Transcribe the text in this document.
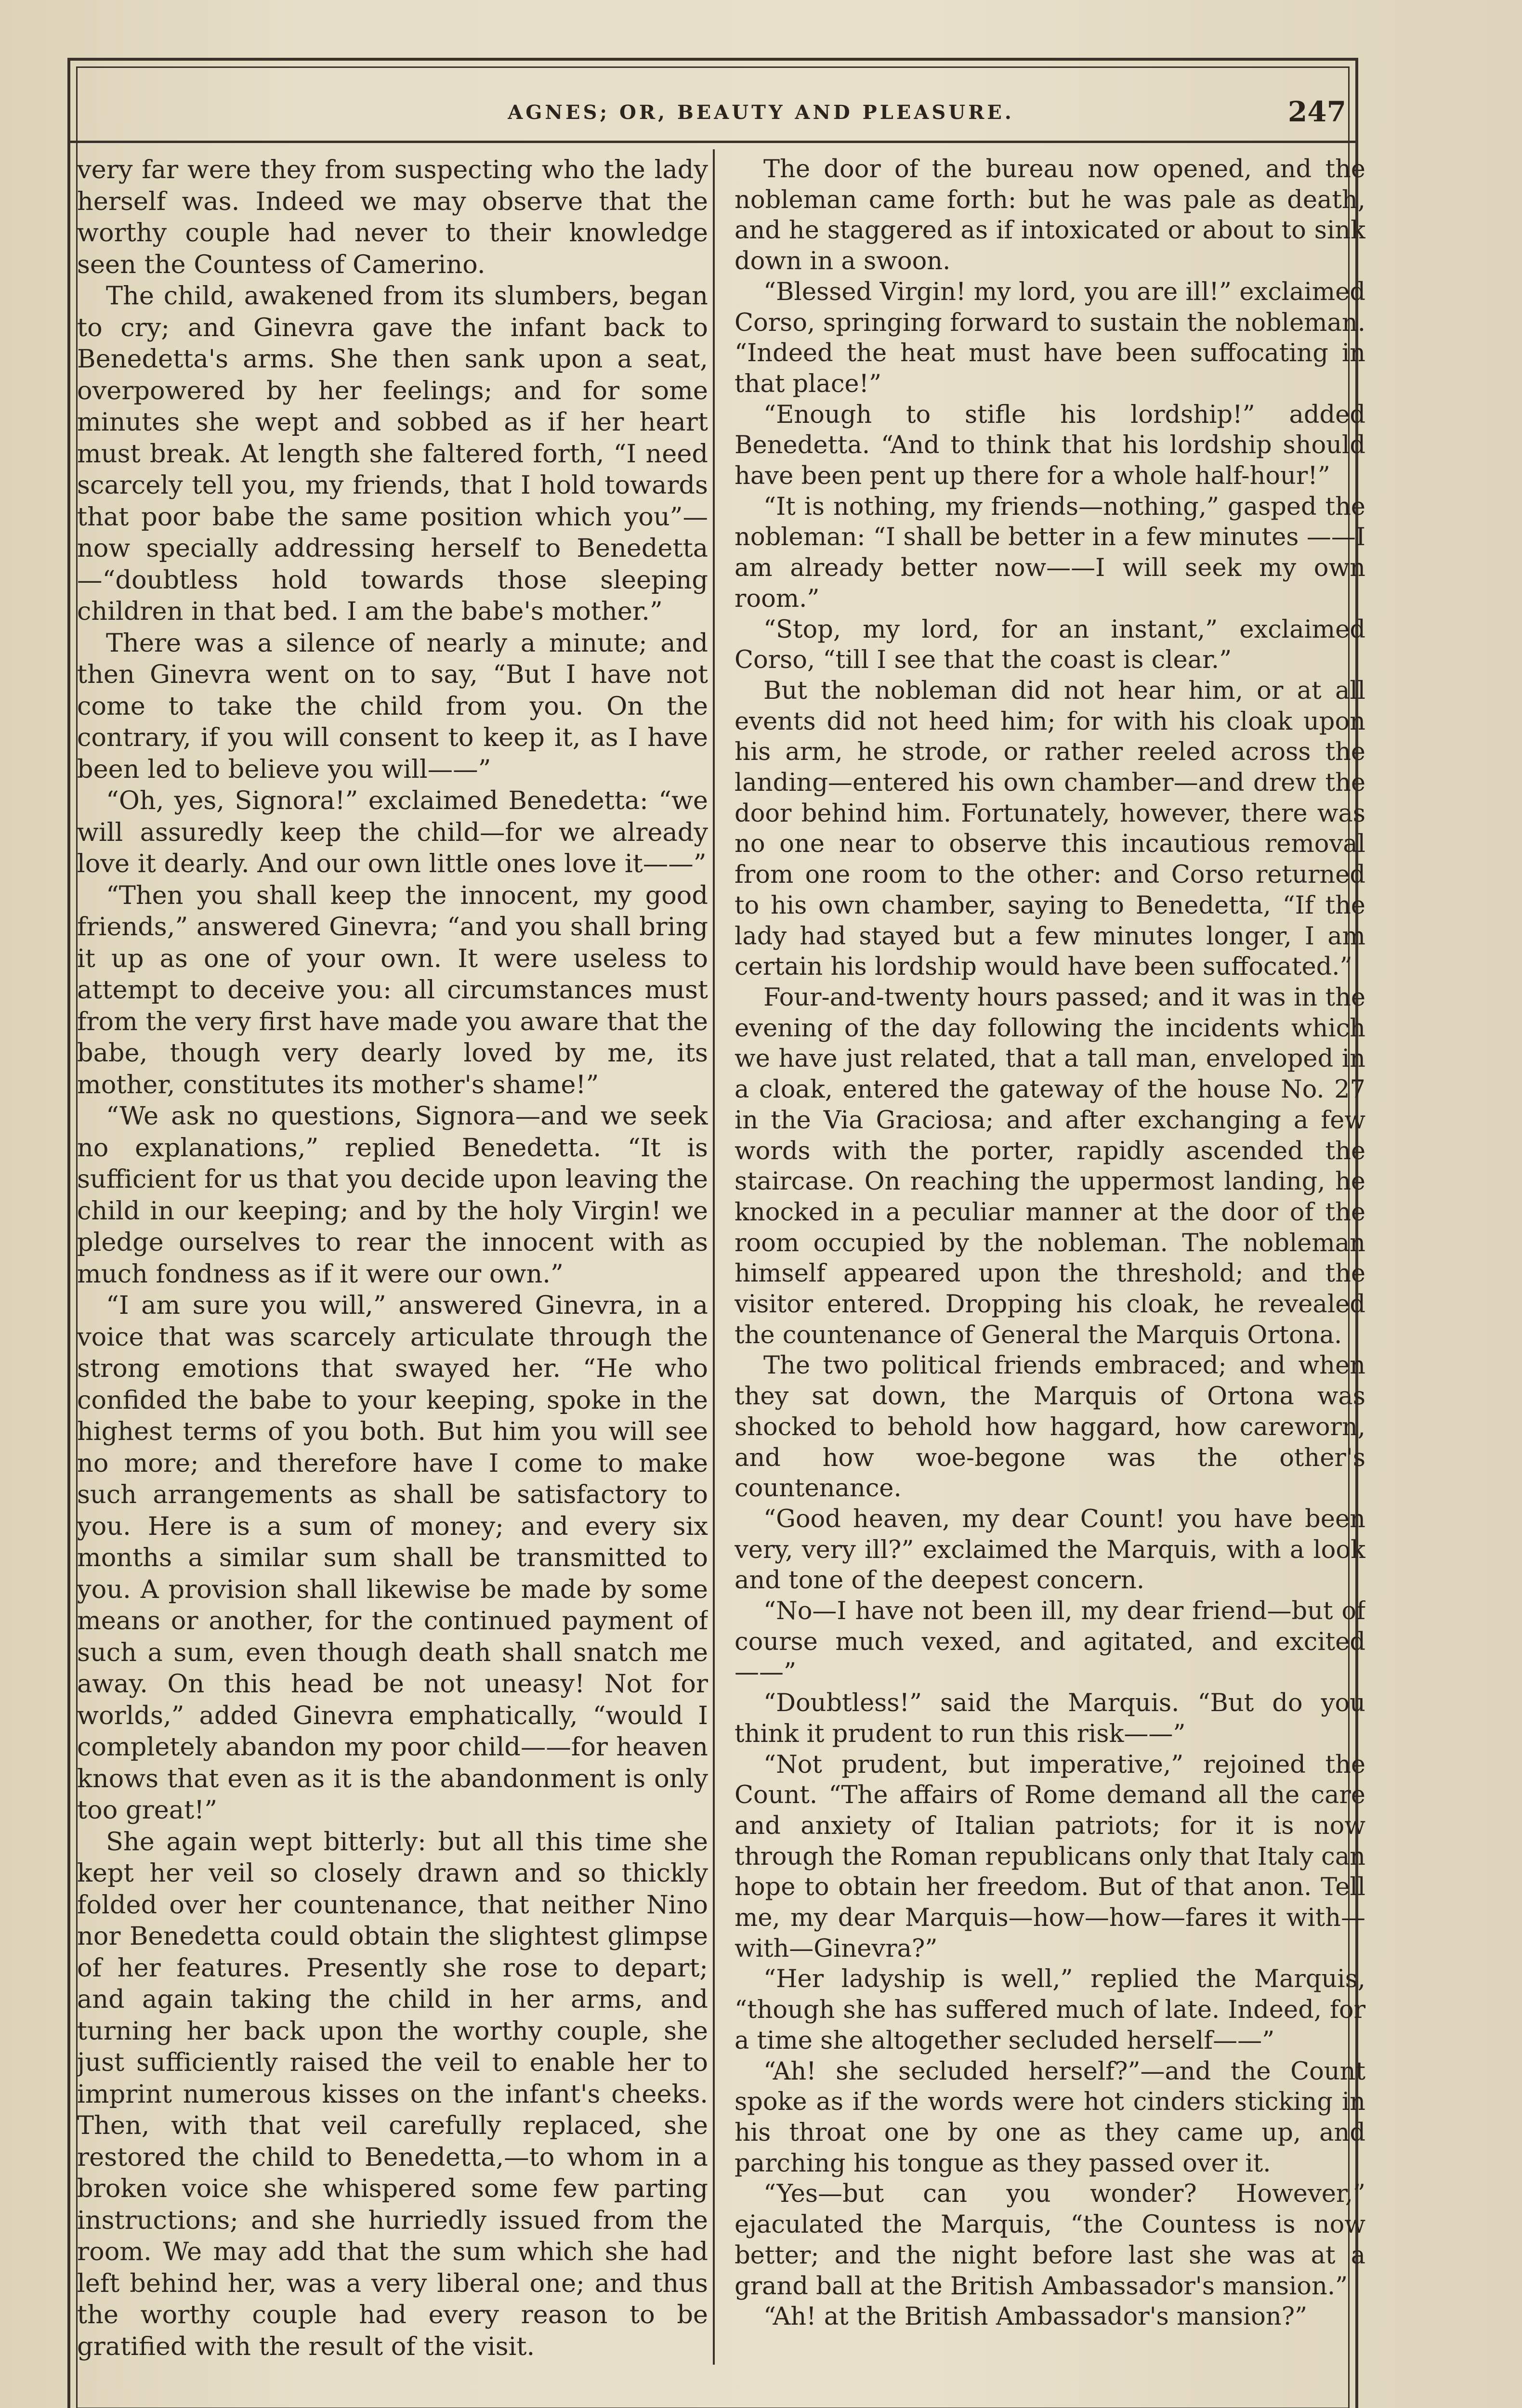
AGNES; OR, BEAUTY AND PLEASURE.	247

very far were they from suspecting who the lady herself was. Indeed we may observe that the worthy couple had never to their knowledge seen the Countess of Camerino.

The child, awakened from its slumbers, began to cry; and Ginevra gave the infant back to Benedetta's arms. She then sank upon a seat, overpowered by her feelings; and for some minutes she wept and sobbed as if her heart must break. At length she faltered forth, “I need scarcely tell you, my friends, that I hold towards that poor babe the same position which you”—now specially addressing herself to Benedetta—“doubtless hold towards those sleeping children in that bed. I am the babe's mother.”

There was a silence of nearly a minute; and then Ginevra went on to say, “But I have not come to take the child from you. On the contrary, if you will consent to keep it, as I have been led to believe you will——”

“Oh, yes, Signora!” exclaimed Benedetta: “we will assuredly keep the child—for we already love it dearly. And our own little ones love it——”

“Then you shall keep the innocent, my good friends,” answered Ginevra; “and you shall bring it up as one of your own. It were useless to attempt to deceive you: all circumstances must from the very first have made you aware that the babe, though very dearly loved by me, its mother, constitutes its mother's shame!”

“We ask no questions, Signora—and we seek no explanations,” replied Benedetta. “It is sufficient for us that you decide upon leaving the child in our keeping; and by the holy Virgin! we pledge ourselves to rear the innocent with as much fondness as if it were our own.”

“I am sure you will,” answered Ginevra, in a voice that was scarcely articulate through the strong emotions that swayed her. “He who confided the babe to your keeping, spoke in the highest terms of you both. But him you will see no more; and therefore have I come to make such arrangements as shall be satisfactory to you. Here is a sum of money; and every six months a similar sum shall be transmitted to you. A provision shall likewise be made by some means or another, for the continued payment of such a sum, even though death shall snatch me away. On this head be not uneasy! Not for worlds,” added Ginevra emphatically, “would I completely abandon my poor child——for heaven knows that even as it is the abandonment is only too great!”

She again wept bitterly: but all this time she kept her veil so closely drawn and so thickly folded over her countenance, that neither Nino nor Benedetta could obtain the slightest glimpse of her features. Presently she rose to depart; and again taking the child in her arms, and turning her back upon the worthy couple, she just sufficiently raised the veil to enable her to imprint numerous kisses on the infant's cheeks. Then, with that veil carefully replaced, she restored the child to Benedetta,—to whom in a broken voice she whispered some few parting instructions; and she hurriedly issued from the room. We may add that the sum which she had left behind her, was a very liberal one; and thus the worthy couple had every reason to be gratified with the result of the visit.

The door of the bureau now opened, and the nobleman came forth: but he was pale as death, and he staggered as if intoxicated or about to sink down in a swoon.

“Blessed Virgin! my lord, you are ill!” exclaimed Corso, springing forward to sustain the nobleman. “Indeed the heat must have been suffocating in that place!”

“Enough to stifle his lordship!” added Benedetta. “And to think that his lordship should have been pent up there for a whole half-hour!”

“It is nothing, my friends—nothing,” gasped the nobleman: “I shall be better in a few minutes ——I am already better now——I will seek my own room.”

“Stop, my lord, for an instant,” exclaimed Corso, “till I see that the coast is clear.”

But the nobleman did not hear him, or at all events did not heed him; for with his cloak upon his arm, he strode, or rather reeled across the landing—entered his own chamber—and drew the door behind him. Fortunately, however, there was no one near to observe this incautious removal from one room to the other: and Corso returned to his own chamber, saying to Benedetta, “If the lady had stayed but a few minutes longer, I am certain his lordship would have been suffocated.”

Four-and-twenty hours passed; and it was in the evening of the day following the incidents which we have just related, that a tall man, enveloped in a cloak, entered the gateway of the house No. 27 in the Via Graciosa; and after exchanging a few words with the porter, rapidly ascended the staircase. On reaching the uppermost landing, he knocked in a peculiar manner at the door of the room occupied by the nobleman. The nobleman himself appeared upon the threshold; and the visitor entered. Dropping his cloak, he revealed the countenance of General the Marquis Ortona.

The two political friends embraced; and when they sat down, the Marquis of Ortona was shocked to behold how haggard, how careworn, and how woe-begone was the other's countenance.

“Good heaven, my dear Count! you have been very, very ill?” exclaimed the Marquis, with a look and tone of the deepest concern.

“No—I have not been ill, my dear friend—but of course much vexed, and agitated, and excited——”

“Doubtless!” said the Marquis. “But do you think it prudent to run this risk——”

“Not prudent, but imperative,” rejoined the Count. “The affairs of Rome demand all the care and anxiety of Italian patriots; for it is now through the Roman republicans only that Italy can hope to obtain her freedom. But of that anon. Tell me, my dear Marquis—how—how—fares it with—with—Ginevra?”

“Her ladyship is well,” replied the Marquis, “though she has suffered much of late. Indeed, for a time she altogether secluded herself——”

“Ah! she secluded herself?”—and the Count spoke as if the words were hot cinders sticking in his throat one by one as they came up, and parching his tongue as they passed over it.

“Yes—but can you wonder? However,” ejaculated the Marquis, “the Countess is now better; and the night before last she was at a grand ball at the British Ambassador's mansion.”

“Ah! at the British Ambassador's mansion?”
